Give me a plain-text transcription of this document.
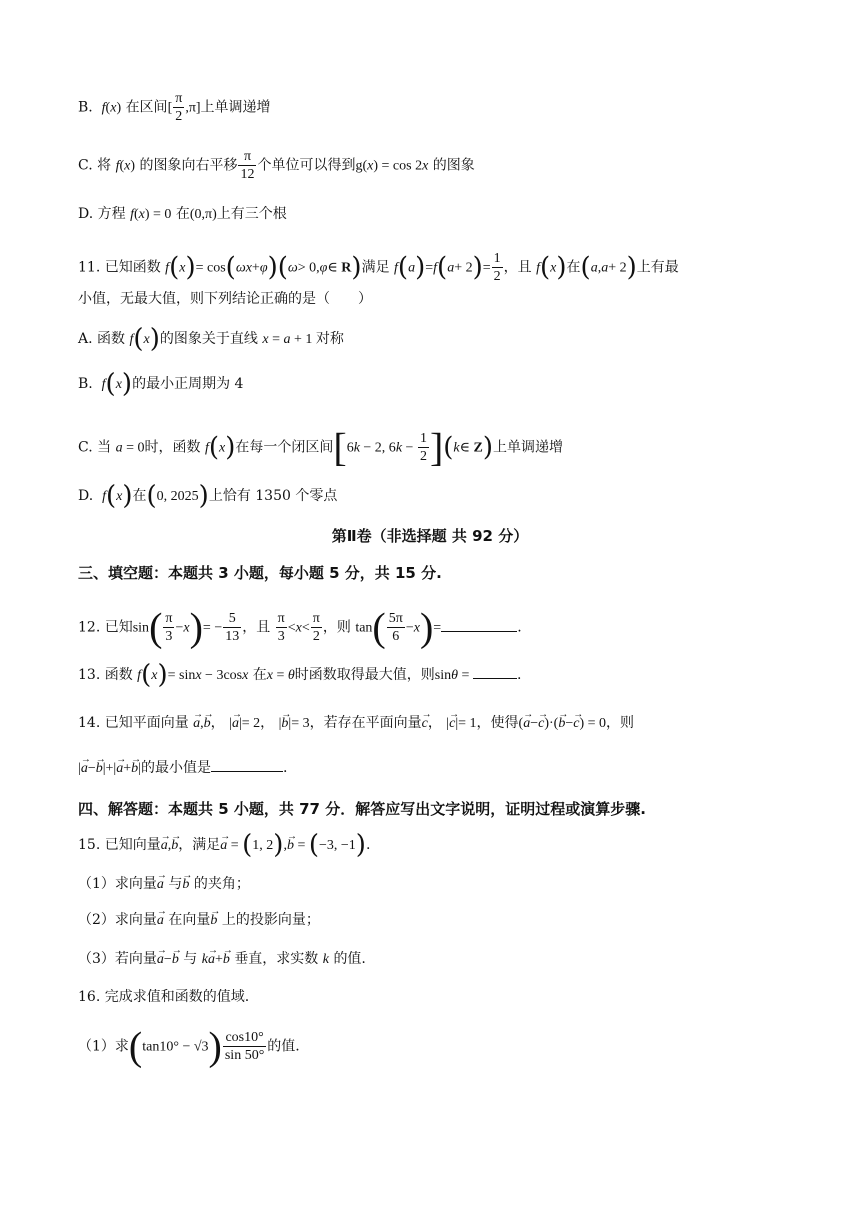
B. f(x) 在区间[ $\frac{\pi}{2} ,\pi$]上单调递增
C. 将 f(x) 的图象向右平移 $\frac{\pi}{12}$ 个单位可以得到g(x) = cos 2x 的图象
D. 方程 f(x) = 0 在(0,π)上有三个根
11. 已知函数 f(x)= cos(ωx+φ)(ω> 0,φ∈ R)满足 $f(a)=f(a+ 2)= \frac{1}{2}$ ，且 f(x)在(a,a+ 2)上有最
小值，无最大值，则下列结论正确的是（　　）
A. 函数 f(x)的图象关于直线 x = a + 1 对称
B. f(x)的最小正周期为 4
C. 当 a = 0时，函数 f(x)在每一个闭区间[6k − 2, $6k - \frac{1}{2}$ ](k∈ Z)上单调递增
D. f(x)在(0, 2025)上恰有 1350 个零点
第Ⅱ卷（非选择题 共 92 分）
三、填空题：本题共 3 小题，每小题 5 分，共 15 分.
12. 已知$\sin( \frac{\pi}{3} -x)= - \frac{5}{13}$ ，且 $\frac{\pi}{3} <x< \frac{\pi}{2}$ ，则 $\tan( \frac{5\pi}{6} -x)=$	.
13. 函数 f(x)= sinx − 3cosx 在x = θ时函数取得最大值，则sinθ =	.
14. 已知平面向量 → a,→ b， |→ a|= 2， |→ b|= 3，若存在平面向量→ c， |→ c|= 1，使得(→ a−→ c)·(→ b−→ c) = 0，则
|→ a−→ b|+|→ a+→ b|的最小值是	.
四、解答题：本题共 5 小题，共 77 分．解答应写出文字说明，证明过程或演算步骤.
15. 已知向量→ a,→ b，满足→ a = (1, 2),→ b = (−3, −1).
（1）求向量→ a 与→ b 的夹角；
（2）求向量→ a 在向量→ b 上的投影向量；
（3）若向量→ a−→ b 与 k→ a+→ b 垂直，求实数 k 的值.
16. 完成求值和函数的值域.
（1）求$(\tan 10^\circ - √3) \frac{\cos 10^\circ}{\sin 50^\circ}$ 的值.
